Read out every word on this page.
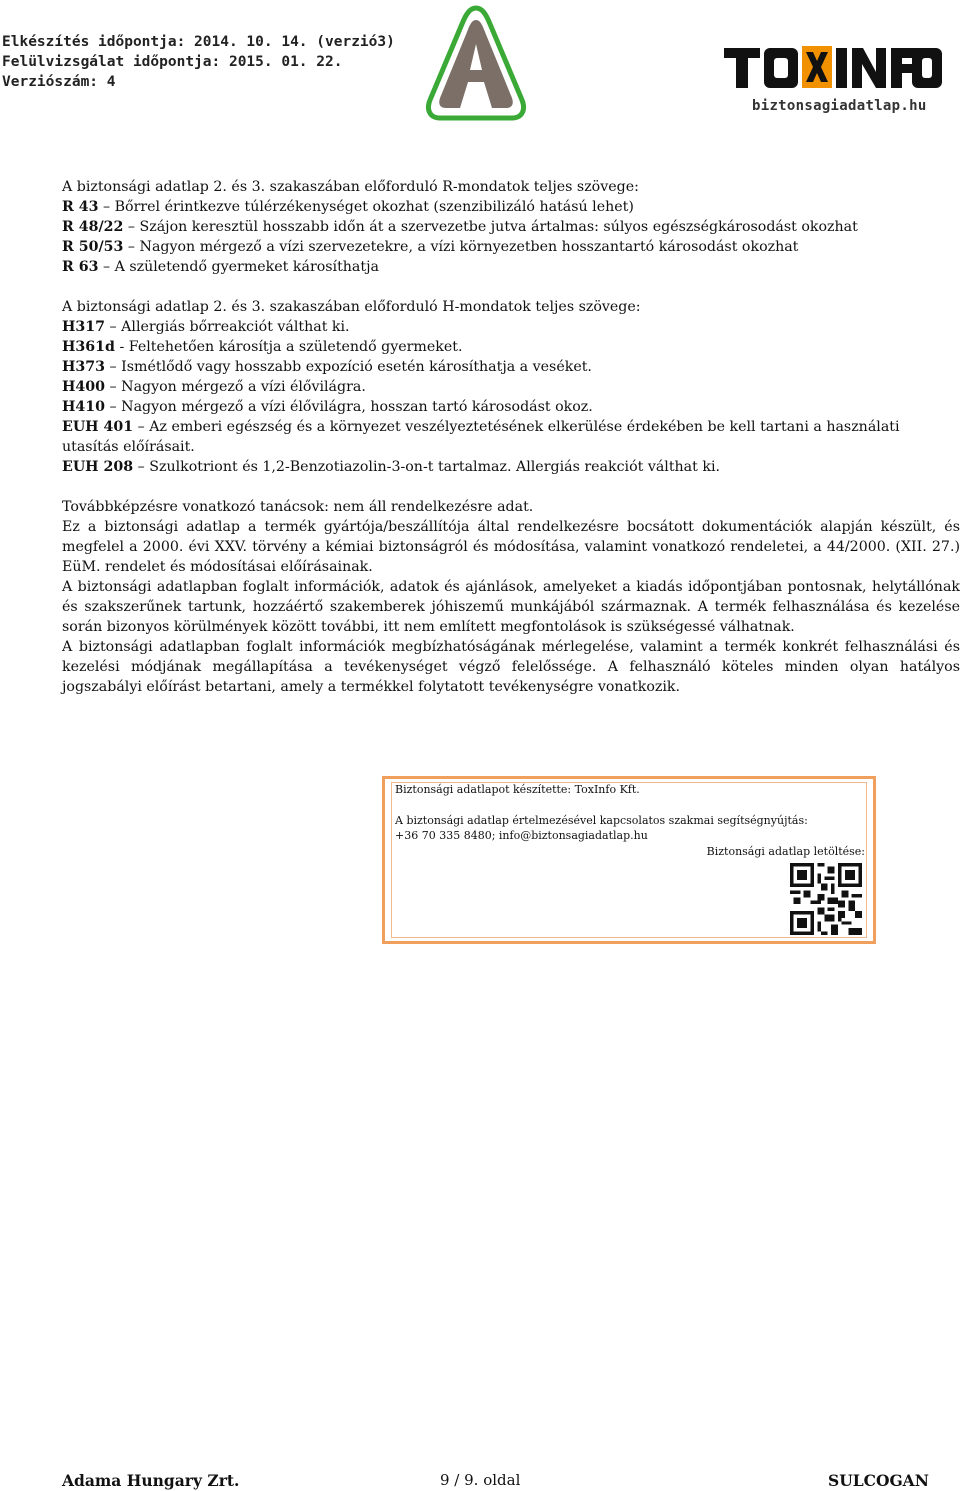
Elkészítés időpontja: 2014. 10. 14. (verzió3)
Felülvizsgálat időpontja: 2015. 01. 22.
Verziószám: 4
biztonsagiadatlap.hu

A biztonsági adatlap 2. és 3. szakaszában előforduló R-mondatok teljes szövege:

R 43 – Bőrrel érintkezve túlérzékenységet okozhat (szenzibilizáló hatású lehet)

R 48/22 – Szájon keresztül hosszabb időn át a szervezetbe jutva ártalmas: súlyos egészségkárosodást okozhat

R 50/53 – Nagyon mérgező a vízi szervezetekre, a vízi környezetben hosszantartó károsodást okozhat

R 63 – A születendő gyermeket károsíthatja

A biztonsági adatlap 2. és 3. szakaszában előforduló H-mondatok teljes szövege:

H317 – Allergiás bőrreakciót válthat ki.

H361d - Feltehetően károsítja a születendő gyermeket.

H373 – Ismétlődő vagy hosszabb expozíció esetén károsíthatja a veséket.

H400 – Nagyon mérgező a vízi élővilágra.

H410 – Nagyon mérgező a vízi élővilágra, hosszan tartó károsodást okoz.

EUH 401 – Az emberi egészség és a környezet veszélyeztetésének elkerülése érdekében be kell tartani a használati utasítás előírásait.

EUH 208 – Szulkotriont és 1,2-Benzotiazolin-3-on-t tartalmaz. Allergiás reakciót válthat ki.

Továbbképzésre vonatkozó tanácsok: nem áll rendelkezésre adat.

Ez a biztonsági adatlap a termék gyártója/beszállítója által rendelkezésre bocsátott dokumentációk alapján készült, és megfelel a 2000. évi XXV. törvény a kémiai biztonságról és módosítása, valamint vonatkozó rendeletei, a 44/2000. (XII. 27.) EüM. rendelet és módosításai előírásainak.

A biztonsági adatlapban foglalt információk, adatok és ajánlások, amelyeket a kiadás időpontjában pontosnak, helytállónak és szakszerűnek tartunk, hozzáértő szakemberek jóhiszemű munkájából származnak. A termék felhasználása és kezelése során bizonyos körülmények között további, itt nem említett megfontolások is szükségessé válhatnak.

A biztonsági adatlapban foglalt információk megbízhatóságának mérlegelése, valamint a termék konkrét felhasználási és kezelési módjának megállapítása a tevékenységet végző felelőssége. A felhasználó köteles minden olyan hatályos jogszabályi előírást betartani, amely a termékkel folytatott tevékenységre vonatkozik.

Biztonsági adatlapot készítette: ToxInfo Kft.
A biztonsági adatlap értelmezésével kapcsolatos szakmai segítségnyújtás:
+36 70 335 8480; info@biztonsagiadatlap.hu
Biztonsági adatlap letöltése:
Adama Hungary Zrt.	9 / 9. oldal	SULCOGAN
